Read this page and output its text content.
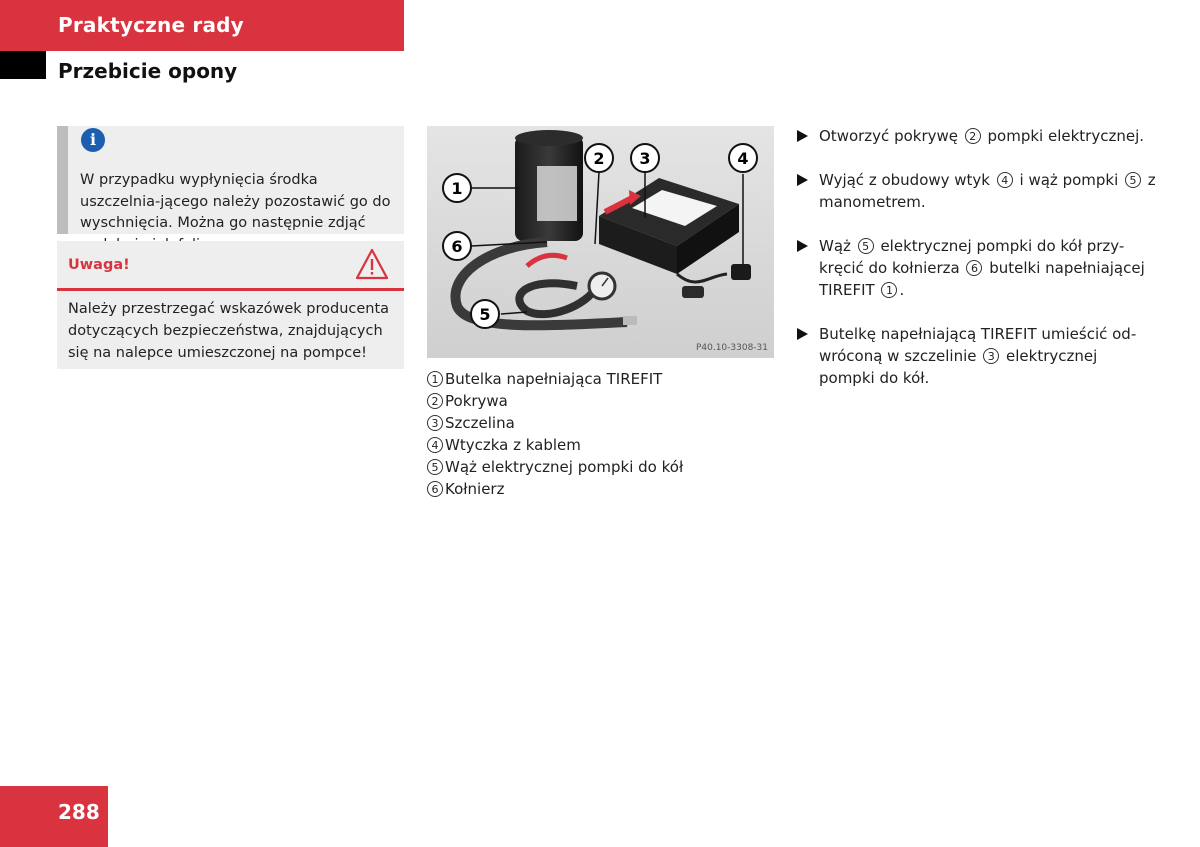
Praktyczne rady
Przebicie opony
i
W przypadku wypłynięcia środka uszczelnia-jącego należy pozostawić go do wyschnięcia. Można go następnie zdjąć
Uwaga!
Należy przestrzegać wskazówek producenta dotyczących bezpieczeństwa, znajdujących się na nalepce umieszczonej na pompce!
1
2 3	4
5
6
P40.10-3308-31
1 Butelka napełniająca TIREFIT
2 Pokrywa
3 Szczelina
4 Wtyczka z kablem
5 Wąż elektrycznej pompki do kół
6 Kołnierz
Otworzyć pokrywę 2 pompki elektrycznej.
Wyjąć z obudowy wtyk 4 i wąż pompki 5 z manometrem.
Wąż 5 elektrycznej pompki do kół przy-kręcić do kołnierza 6 butelki napełniającej TIREFIT 1 .
Butelkę napełniającą TIREFIT umieścić od-wróconą w szczelinie 3 elektrycznej pompki do kół.
288
